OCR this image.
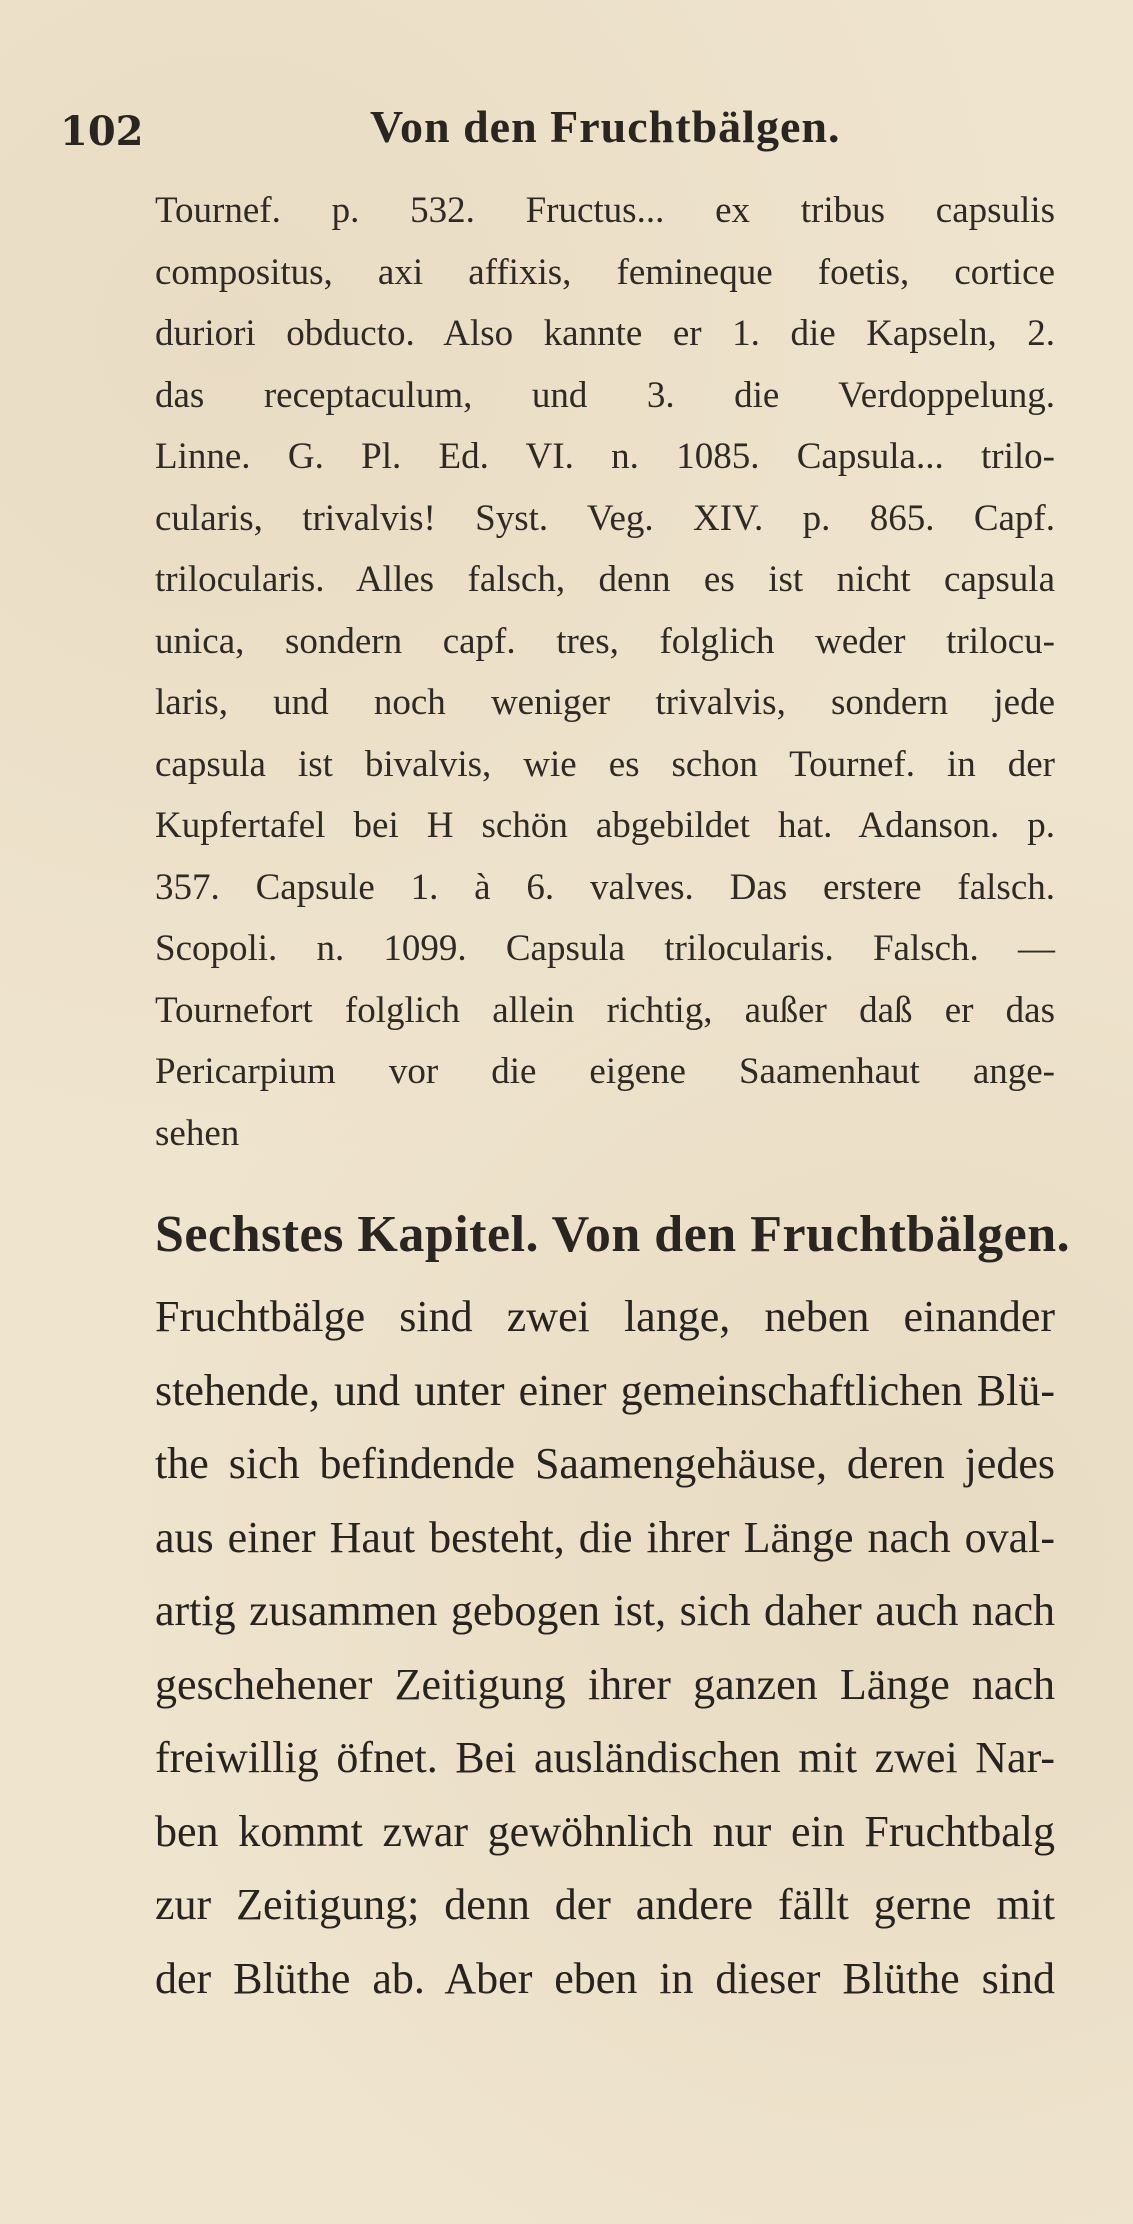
102	Von den Fruchtbälgen.
Tournef. p. 532. Fructus... ex tribus capsulis
compositus, axi affixis, femineque foetis, cortice
duriori obducto. Also kannte er 1. die Kapseln, 2.
das receptaculum, und 3. die Verdoppelung.
Linne. G. Pl. Ed. VI. n. 1085. Capsula... trilo-
cularis, trivalvis! Syst. Veg. XIV. p. 865. Capf.
trilocularis. Alles falsch, denn es ist nicht capsula
unica, sondern capf. tres, folglich weder trilocu-
laris, und noch weniger trivalvis, sondern jede
capsula ist bivalvis, wie es schon Tournef. in der
Kupfertafel bei H schön abgebildet hat. Adanson. p.
357. Capsule 1. à 6. valves. Das erstere falsch.
Scopoli. n. 1099. Capsula trilocularis. Falsch. —
Tournefort folglich allein richtig, außer daß er das
Pericarpium vor die eigene Saamenhaut ange-
sehen
Sechstes Kapitel. Von den Fruchtbälgen.
Fruchtbälge sind zwei lange, neben einander
stehende, und unter einer gemeinschaftlichen Blü-
the sich befindende Saamengehäuse, deren jedes
aus einer Haut besteht, die ihrer Länge nach oval-
artig zusammen gebogen ist, sich daher auch nach
geschehener Zeitigung ihrer ganzen Länge nach
freiwillig öfnet. Bei ausländischen mit zwei Nar-
ben kommt zwar gewöhnlich nur ein Fruchtbalg
zur Zeitigung; denn der andere fällt gerne mit
der Blüthe ab. Aber eben in dieser Blüthe sind
